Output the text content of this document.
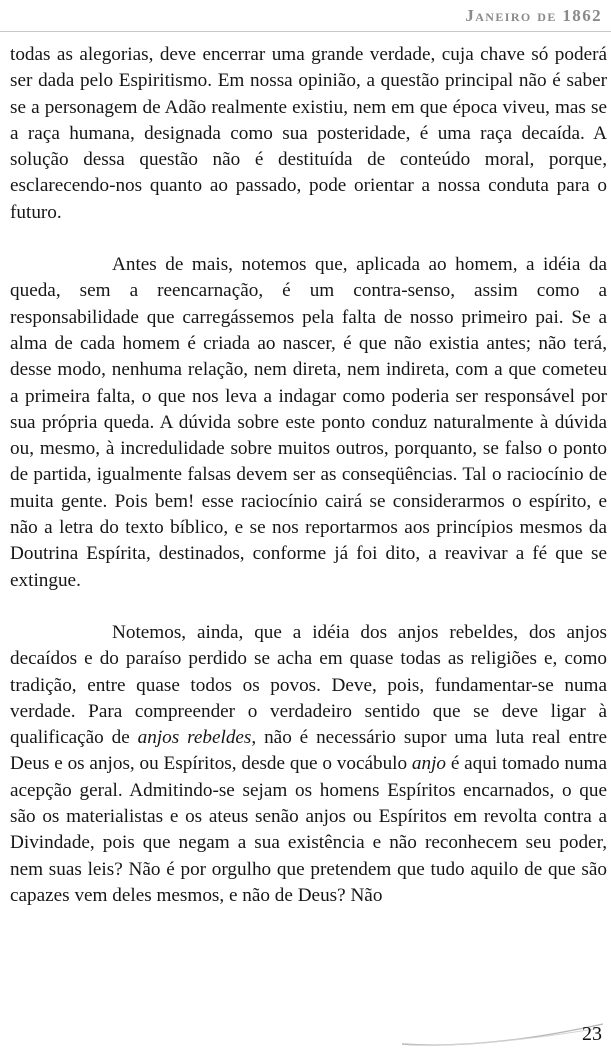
Janeiro de 1862

todas as alegorias, deve encerrar uma grande verdade, cuja chave só poderá ser dada pelo Espiritismo. Em nossa opinião, a questão principal não é saber se a personagem de Adão realmente existiu, nem em que época viveu, mas se a raça humana, designada como sua posteridade, é uma raça decaída. A solução dessa questão não é destituída de conteúdo moral, porque, esclarecendo-nos quanto ao passado, pode orientar a nossa conduta para o futuro.

Antes de mais, notemos que, aplicada ao homem, a idéia da queda, sem a reencarnação, é um contra-senso, assim como a responsabilidade que carregássemos pela falta de nosso primeiro pai. Se a alma de cada homem é criada ao nascer, é que não existia antes; não terá, desse modo, nenhuma relação, nem direta, nem indireta, com a que cometeu a primeira falta, o que nos leva a indagar como poderia ser responsável por sua própria queda. A dúvida sobre este ponto conduz naturalmente à dúvida ou, mesmo, à incredulidade sobre muitos outros, porquanto, se falso o ponto de partida, igualmente falsas devem ser as conseqüências. Tal o raciocínio de muita gente. Pois bem! esse raciocínio cairá se considerarmos o espírito, e não a letra do texto bíblico, e se nos reportarmos aos princípios mesmos da Doutrina Espírita, destinados, conforme já foi dito, a reavivar a fé que se extingue.

Notemos, ainda, que a idéia dos anjos rebeldes, dos anjos decaídos e do paraíso perdido se acha em quase todas as religiões e, como tradição, entre quase todos os povos. Deve, pois, fundamentar-se numa verdade. Para compreender o verdadeiro sentido que se deve ligar à qualificação de anjos rebeldes, não é necessário supor uma luta real entre Deus e os anjos, ou Espíritos, desde que o vocábulo anjo é aqui tomado numa acepção geral. Admitindo-se sejam os homens Espíritos encarnados, o que são os materialistas e os ateus senão anjos ou Espíritos em revolta contra a Divindade, pois que negam a sua existência e não reconhecem seu poder, nem suas leis? Não é por orgulho que pretendem que tudo aquilo de que são capazes vem deles mesmos, e não de Deus? Não

23
